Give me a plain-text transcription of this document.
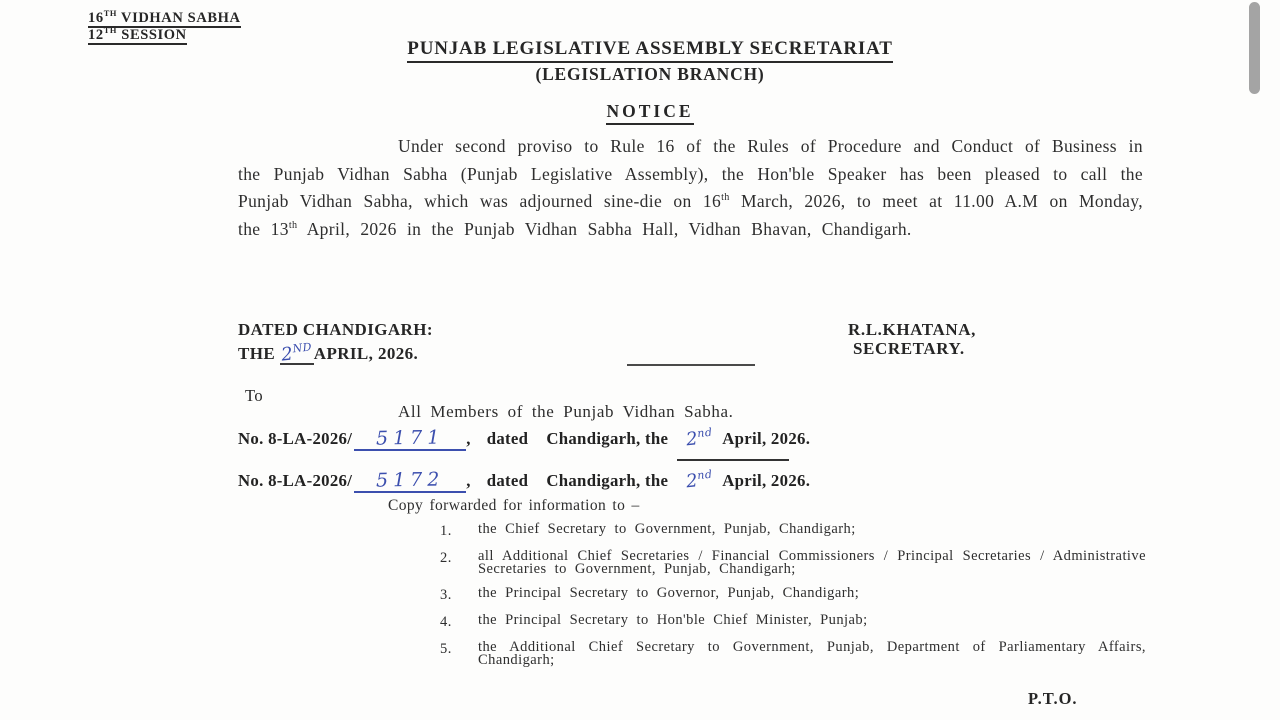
16TH VIDHAN SABHA
12TH SESSION
PUNJAB LEGISLATIVE ASSEMBLY SECRETARIAT
(LEGISLATION BRANCH)
NOTICE
Under second proviso to Rule 16 of the Rules of Procedure and Conduct of Business in the Punjab Vidhan Sabha (Punjab Legislative Assembly), the Hon'ble Speaker has been pleased to call the Punjab Vidhan Sabha, which was adjourned sine-die on 16th March, 2026, to meet at 11.00 A.M on Monday, the 13th April, 2026 in the Punjab Vidhan Sabha Hall, Vidhan Bhavan, Chandigarh.
DATED CHANDIGARH:
THE 2NDAPRIL, 2026.
R.L.KHATANA,
SECRETARY.
To
All Members of the Punjab Vidhan Sabha.
No. 8-LA-2026/	5171	, dated Chandigarh, the 2nd April, 2026.
No. 8-LA-2026/	5172	, dated Chandigarh, the 2nd April, 2026.
Copy forwarded for information to –
1.	the Chief Secretary to Government, Punjab, Chandigarh;
2.	all Additional Chief Secretaries / Financial Commissioners / Principal Secretaries / Administrative Secretaries to Government, Punjab, Chandigarh;
3.	the Principal Secretary to Governor, Punjab, Chandigarh;
4.	the Principal Secretary to Hon'ble Chief Minister, Punjab;
5.	the Additional Chief Secretary to Government, Punjab, Department of Parliamentary Affairs, Chandigarh;
P.T.O.
